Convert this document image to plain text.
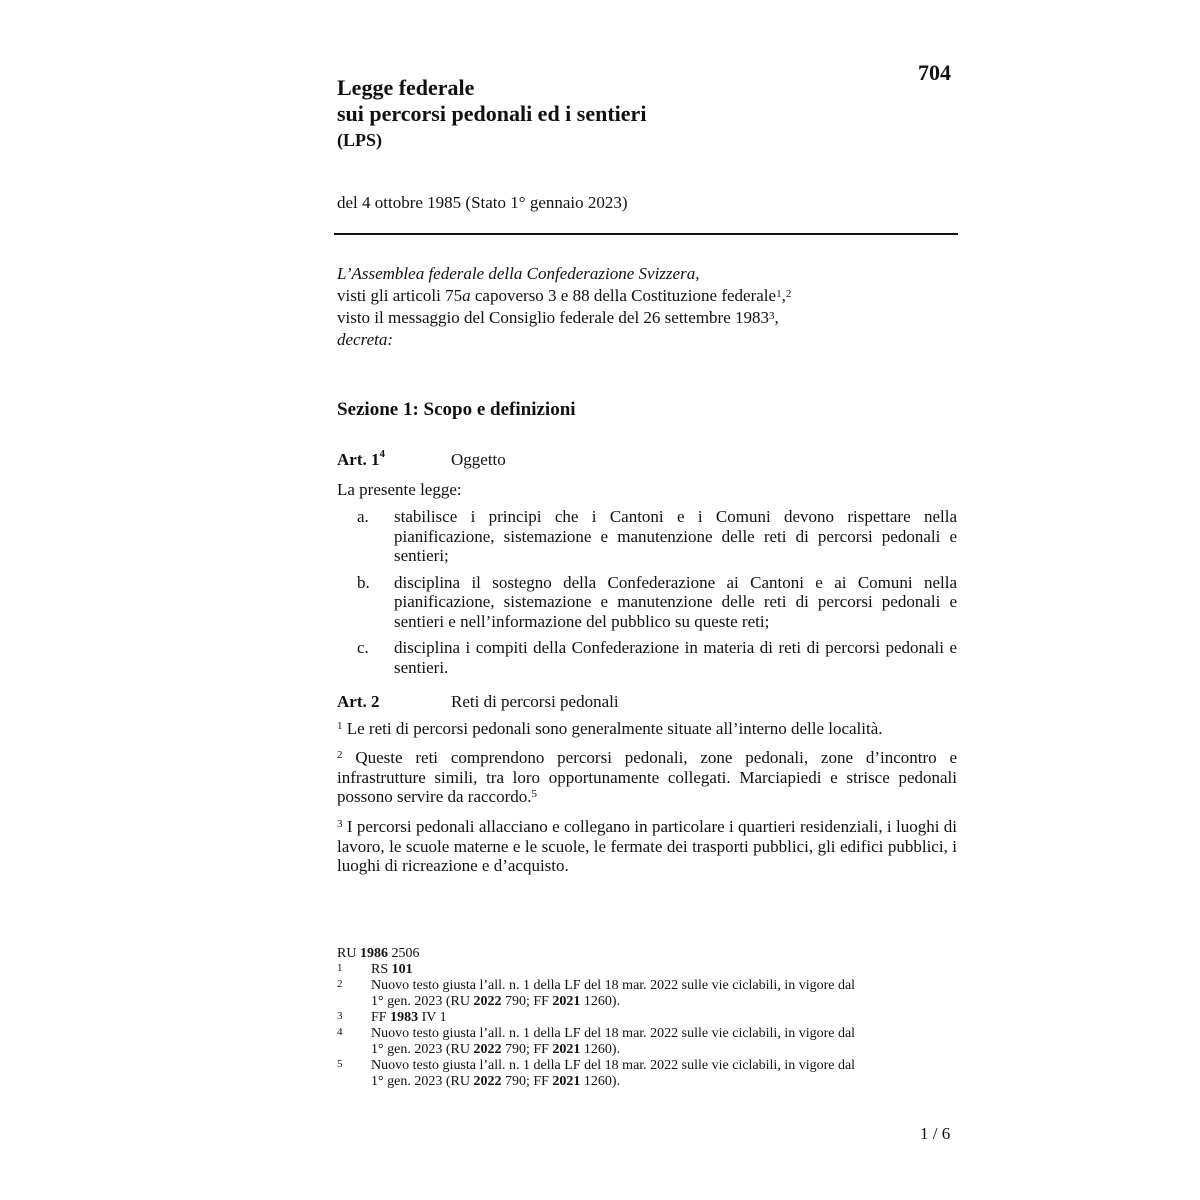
704
Legge federale
sui percorsi pedonali ed i sentieri
(LPS)
del 4 ottobre 1985 (Stato 1° gennaio 2023)
L’Assemblea federale della Confederazione Svizzera,
visti gli articoli 75a capoverso 3 e 88 della Costituzione federale$^1$,$^2$
visto il messaggio del Consiglio federale del 26 settembre 1983$^3$,
decreta:
Sezione 1: Scopo e definizioni
Art. $1^4$	Oggetto
La presente legge:
a.	stabilisce i principi che i Cantoni e i Comuni devono rispettare nella pianificazione, sistemazione e manutenzione delle reti di percorsi pedonali e sentieri;
b.	disciplina il sostegno della Confederazione ai Cantoni e ai Comuni nella pianificazione, sistemazione e manutenzione delle reti di percorsi pedonali e sentieri e nell’informazione del pubblico su queste reti;
c.	disciplina i compiti della Confederazione in materia di reti di percorsi pedonali e sentieri.
Art. 2	Reti di percorsi pedonali
$^1$ Le reti di percorsi pedonali sono generalmente situate all’interno delle località.
$^2$ Queste reti comprendono percorsi pedonali, zone pedonali, zone d’incontro e infrastrutture simili, tra loro opportunamente collegati. Marciapiedi e strisce pedonali possono servire da raccordo.$^5$
$^3$ I percorsi pedonali allacciano e collegano in particolare i quartieri residenziali, i luoghi di lavoro, le scuole materne e le scuole, le fermate dei trasporti pubblici, gli edifici pubblici, i luoghi di ricreazione e d’acquisto.
RU 1986 2506
1	RS 101
2	Nuovo testo giusta l’all. n. 1 della LF del 18 mar. 2022 sulle vie ciclabili, in vigore dal
1° gen. 2023 (RU 2022 790; FF 2021 1260).
3	FF 1983 IV 1
4	Nuovo testo giusta l’all. n. 1 della LF del 18 mar. 2022 sulle vie ciclabili, in vigore dal
1° gen. 2023 (RU 2022 790; FF 2021 1260).
5	Nuovo testo giusta l’all. n. 1 della LF del 18 mar. 2022 sulle vie ciclabili, in vigore dal
1° gen. 2023 (RU 2022 790; FF 2021 1260).
1 / 6
